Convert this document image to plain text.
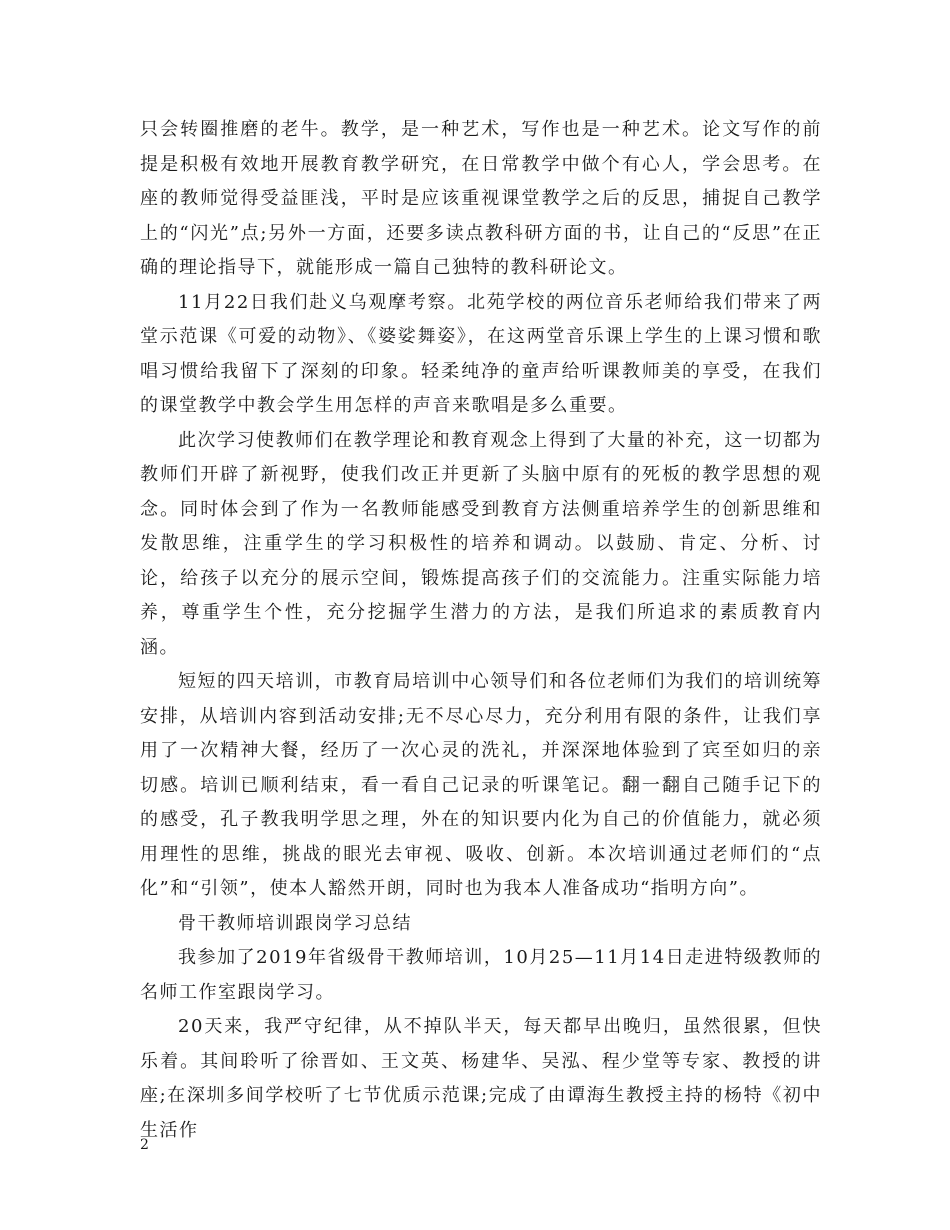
只会转圈推磨的老牛。教学，是一种艺术，写作也是一种艺术。论文写作的前提是积极有效地开展教育教学研究，在日常教学中做个有心人，学会思考。在座的教师觉得受益匪浅，平时是应该重视课堂教学之后的反思，捕捉自己教学上的“闪光”点;另外一方面，还要多读点教科研方面的书，让自己的“反思”在正确的理论指导下，就能形成一篇自己独特的教科研论文。

11月22日我们赴义乌观摩考察。北苑学校的两位音乐老师给我们带来了两堂示范课《可爱的动物》、《婆娑舞姿》，在这两堂音乐课上学生的上课习惯和歌唱习惯给我留下了深刻的印象。轻柔纯净的童声给听课教师美的享受，在我们的课堂教学中教会学生用怎样的声音来歌唱是多么重要。

此次学习使教师们在教学理论和教育观念上得到了大量的补充，这一切都为教师们开辟了新视野，使我们改正并更新了头脑中原有的死板的教学思想的观念。同时体会到了作为一名教师能感受到教育方法侧重培养学生的创新思维和发散思维，注重学生的学习积极性的培养和调动。以鼓励、肯定、分析、讨论，给孩子以充分的展示空间，锻炼提高孩子们的交流能力。注重实际能力培养，尊重学生个性，充分挖掘学生潜力的方法，是我们所追求的素质教育内涵。

短短的四天培训，市教育局培训中心领导们和各位老师们为我们的培训统筹安排，从培训内容到活动安排;无不尽心尽力，充分利用有限的条件，让我们享用了一次精神大餐，经历了一次心灵的洗礼，并深深地体验到了宾至如归的亲切感。培训已顺利结束，看一看自己记录的听课笔记。翻一翻自己随手记下的的感受，孔子教我明学思之理，外在的知识要内化为自己的价值能力，就必须用理性的思维，挑战的眼光去审视、吸收、创新。本次培训通过老师们的“点化”和“引领”，使本人豁然开朗，同时也为我本人准备成功“指明方向”。

骨干教师培训跟岗学习总结

我参加了2019年省级骨干教师培训，10月25—11月14日走进特级教师的名师工作室跟岗学习。

20天来，我严守纪律，从不掉队半天，每天都早出晚归，虽然很累，但快乐着。其间聆听了徐晋如、王文英、杨建华、吴泓、程少堂等专家、教授的讲座;在深圳多间学校听了七节优质示范课;完成了由谭海生教授主持的杨特《初中生活作

2
